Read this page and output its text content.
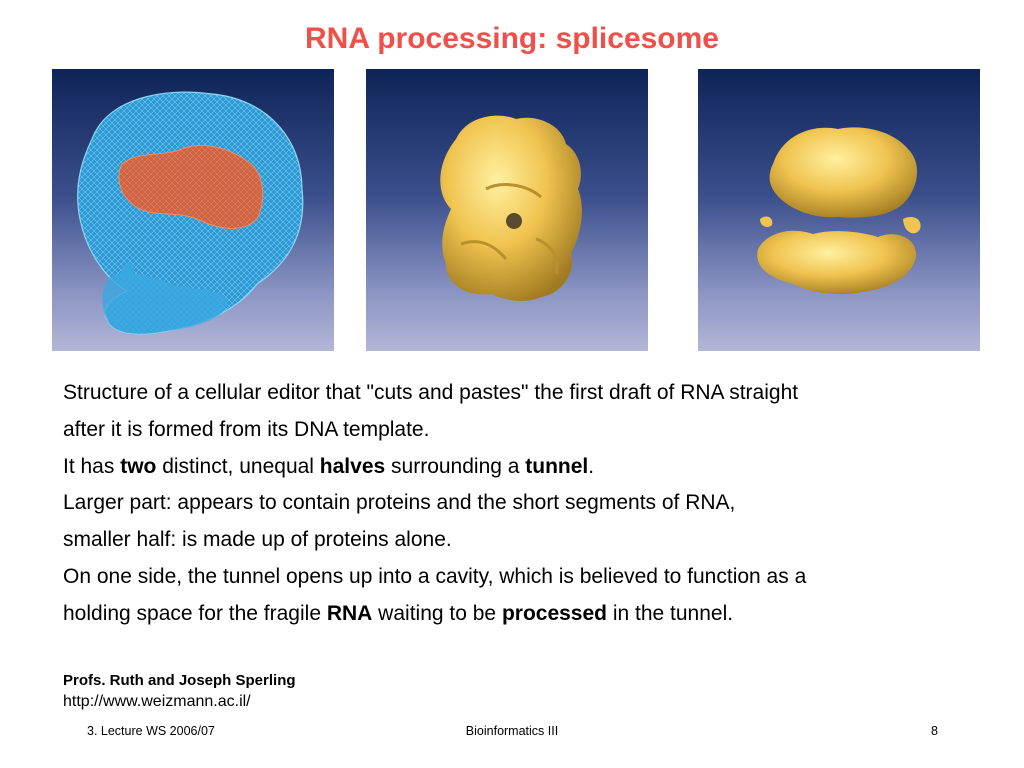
RNA processing: splicesome

Structure of a cellular editor that "cuts and pastes" the first draft of RNA straight

after it is formed from its DNA template.

It has two distinct, unequal halves surrounding a tunnel.

Larger part: appears to contain proteins and the short segments of RNA,

smaller half: is made up of proteins alone.

On one side, the tunnel opens up into a cavity, which is believed to function as a

holding space for the fragile RNA waiting to be processed in the tunnel.

Profs. Ruth and Joseph Sperling
http://www.weizmann.ac.il/
3. Lecture WS 2006/07	Bioinformatics III	8
